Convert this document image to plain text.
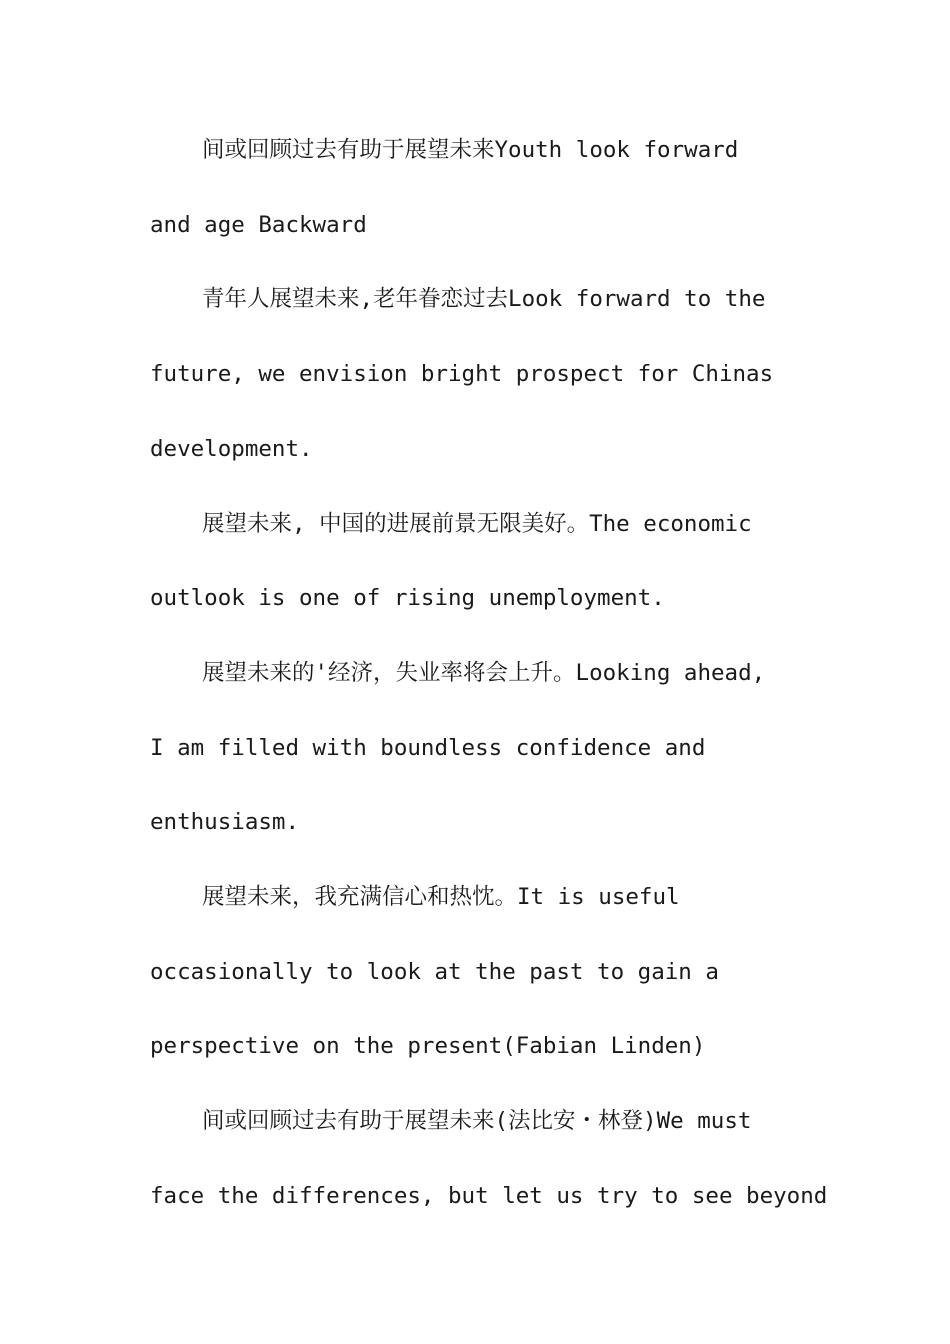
间或回顾过去有助于展望未来Youth look forward
and age Backward
青年人展望未来,老年眷恋过去Look forward to the
future, we envision bright prospect for Chinas
development.
展望未来, 中国的进展前景无限美好。The economic
outlook is one of rising unemployment.
展望未来的'经济，失业率将会上升。Looking ahead,
I am filled with boundless confidence and
enthusiasm.
展望未来，我充满信心和热忱。It is useful
occasionally to look at the past to gain a
perspective on the present(Fabian Linden)
间或回顾过去有助于展望未来(法比安・林登)We must
face the differences, but let us try to see beyond
